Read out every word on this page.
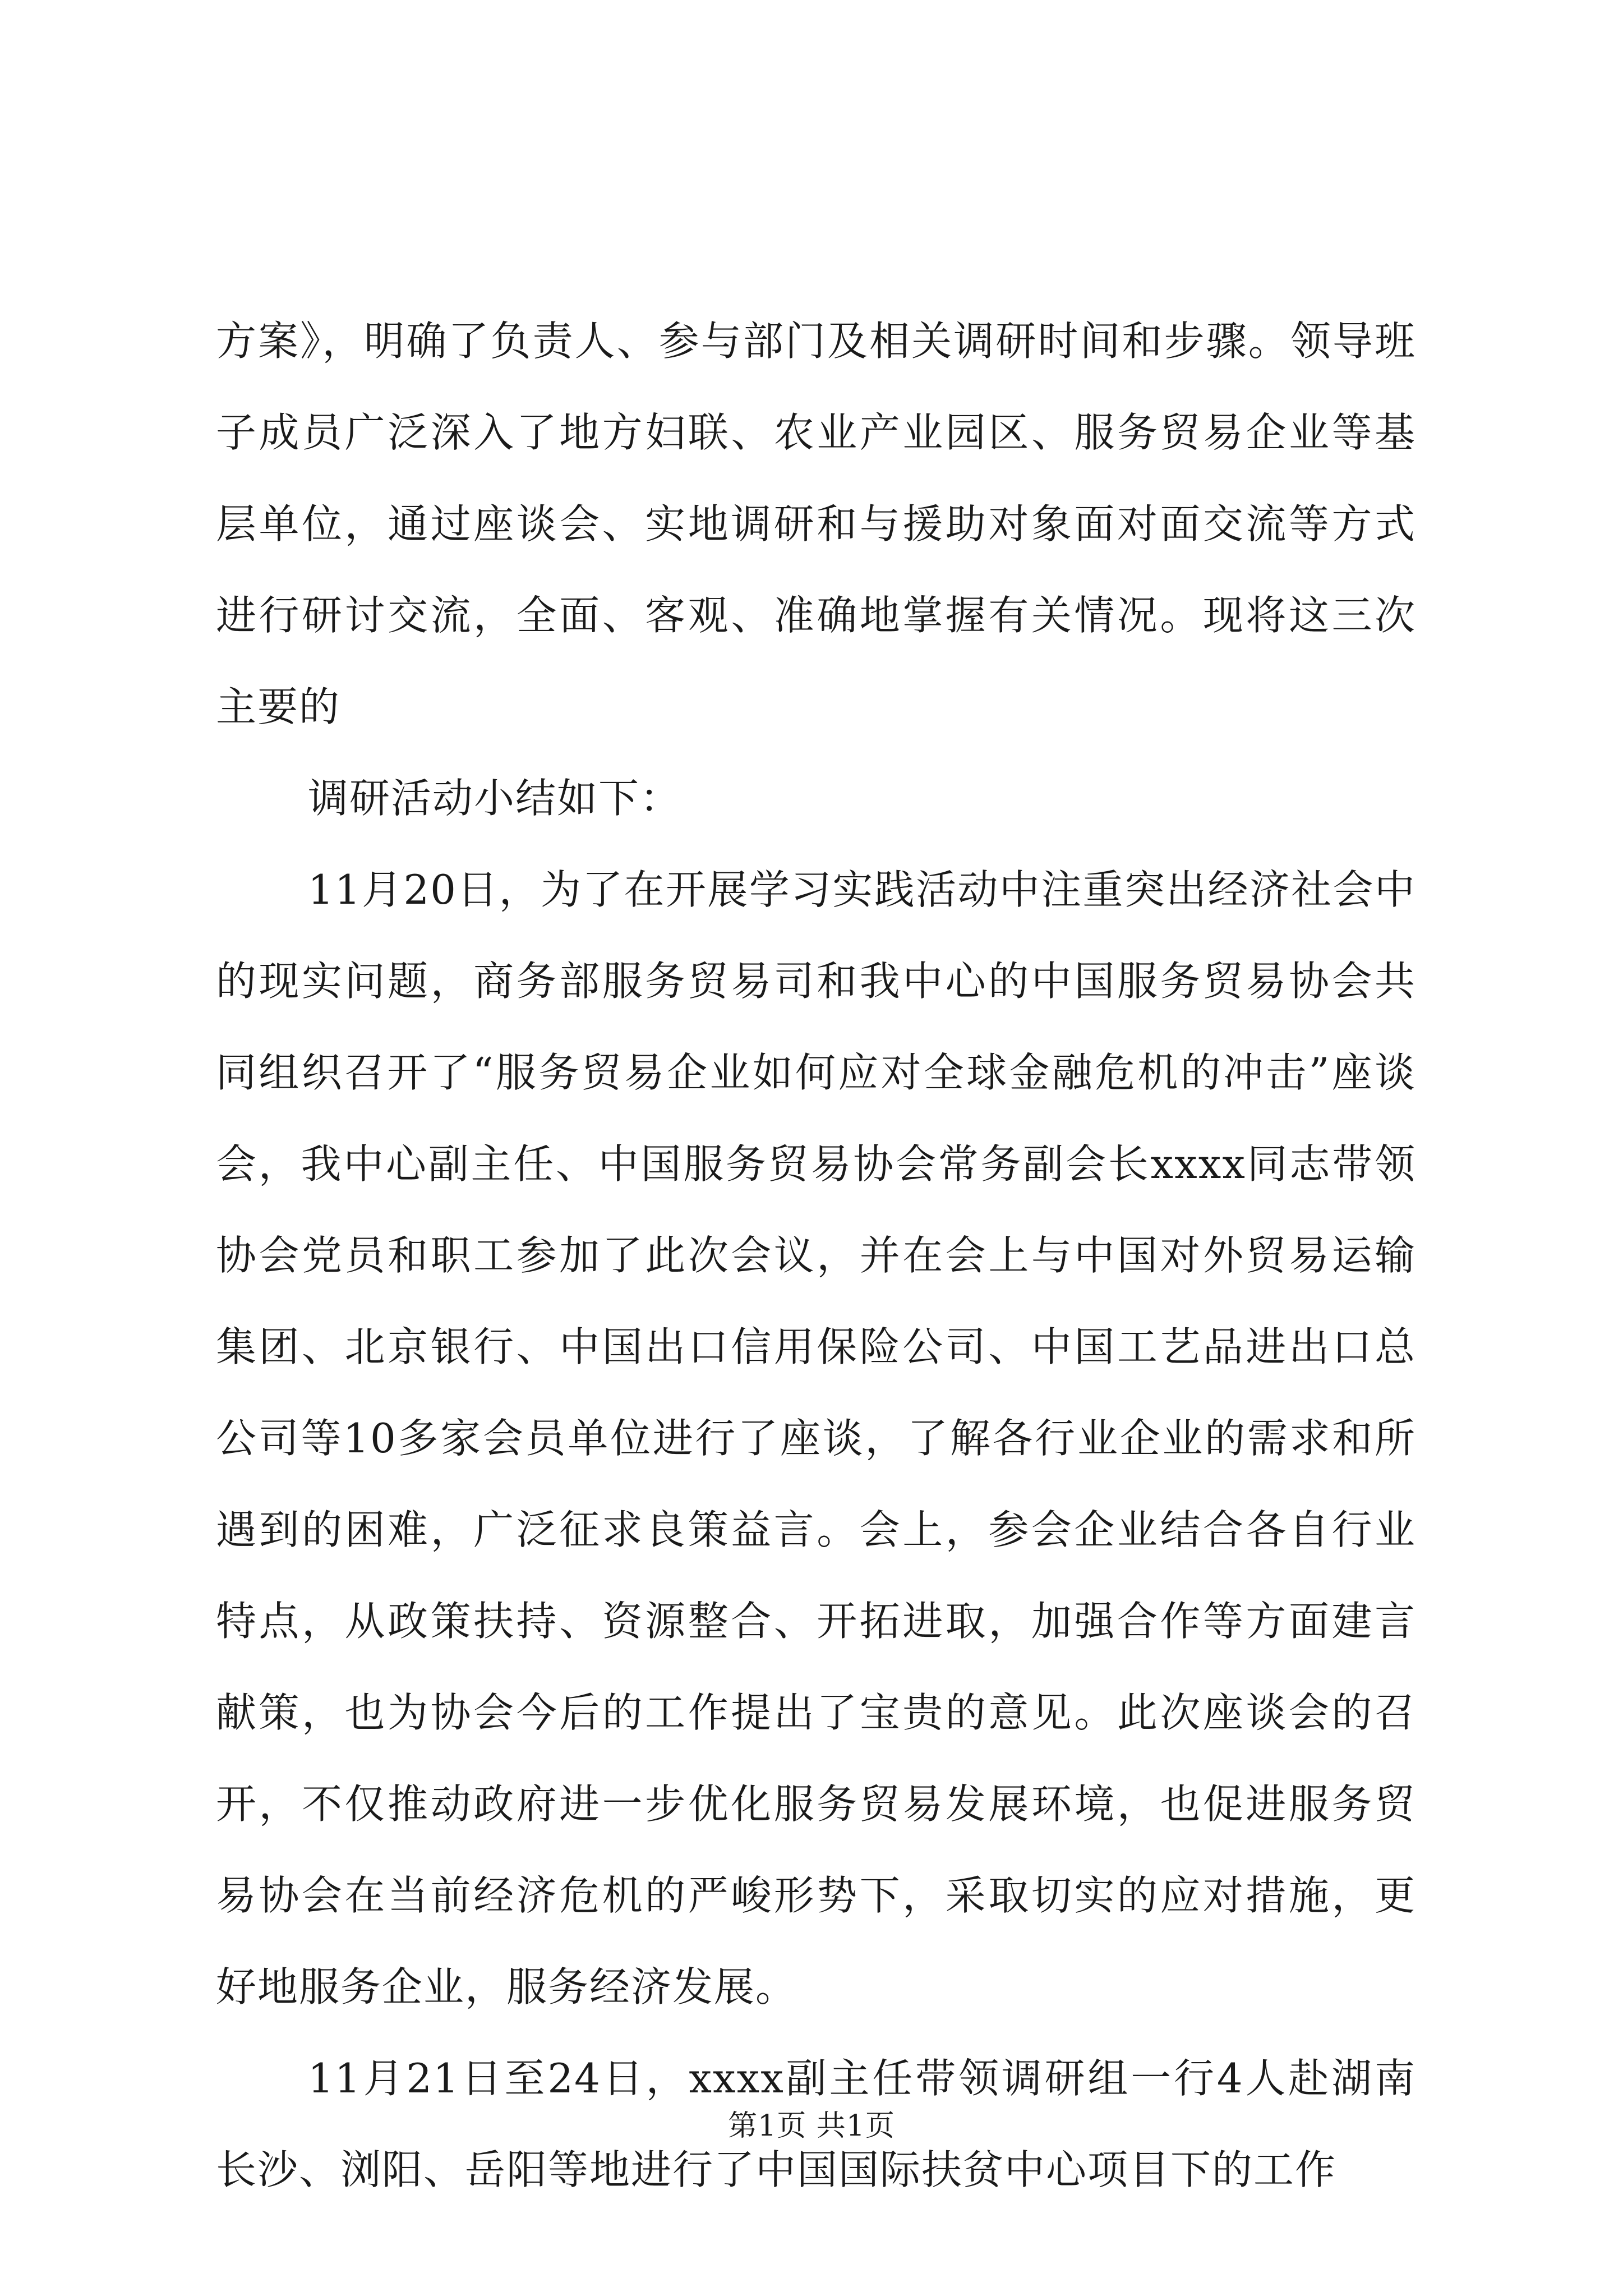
方案》，明确了负责人、参与部门及相关调研时间和步骤。领导班子成员广泛深入了地方妇联、农业产业园区、服务贸易企业等基层单位，通过座谈会、实地调研和与援助对象面对面交流等方式进行研讨交流，全面、客观、准确地掌握有关情况。现将这三次主要的

调研活动小结如下：

11月20日，为了在开展学习实践活动中注重突出经济社会中的现实问题，商务部服务贸易司和我中心的中国服务贸易协会共同组织召开了“服务贸易企业如何应对全球金融危机的冲击”座谈会，我中心副主任、中国服务贸易协会常务副会长xxxx同志带领协会党员和职工参加了此次会议，并在会上与中国对外贸易运输集团、北京银行、中国出口信用保险公司、中国工艺品进出口总公司等10多家会员单位进行了座谈，了解各行业企业的需求和所遇到的困难，广泛征求良策益言。会上，参会企业结合各自行业特点，从政策扶持、资源整合、开拓进取，加强合作等方面建言献策，也为协会今后的工作提出了宝贵的意见。此次座谈会的召开，不仅推动政府进一步优化服务贸易发展环境，也促进服务贸易协会在当前经济危机的严峻形势下，采取切实的应对措施，更好地服务企业，服务经济发展。

11月21日至24日，xxxx副主任带领调研组一行4人赴湖南长沙、浏阳、岳阳等地进行了中国国际扶贫中心项目下的工作

第1页 共1页
